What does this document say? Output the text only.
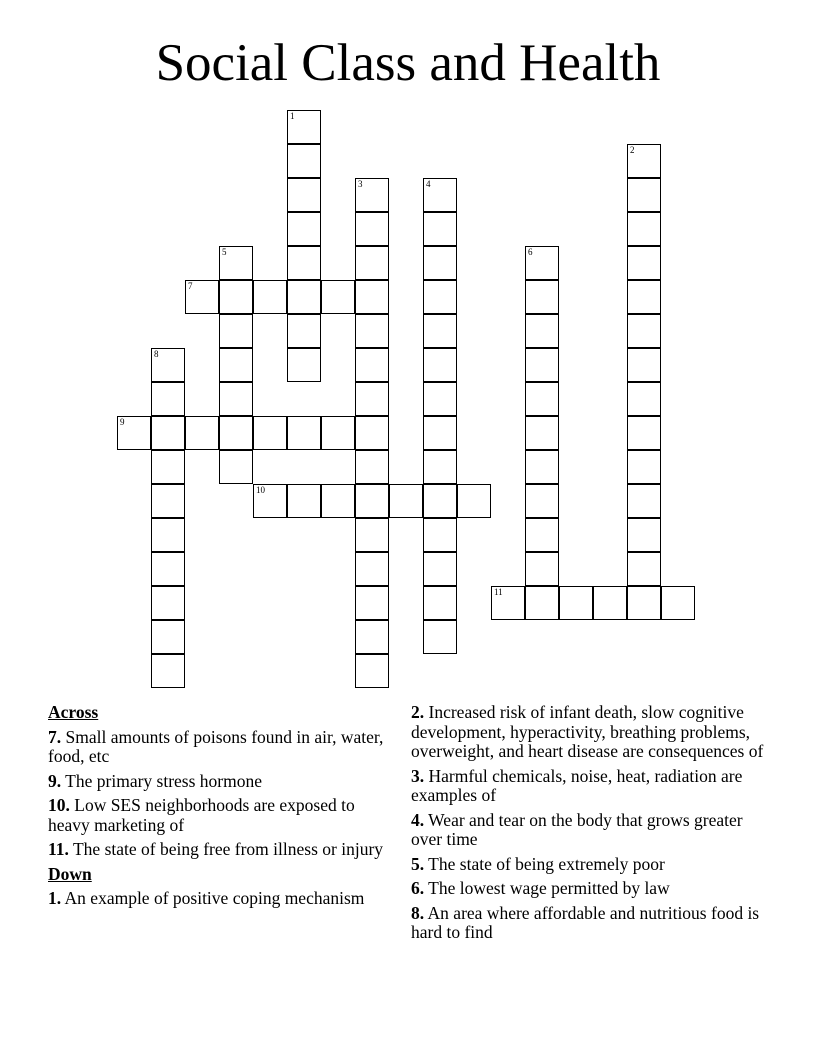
Social Class and Health
1
2
3	4
5	6
7
8
9
10
11
Across
7. Small amounts of poisons found in air, water, food, etc
9. The primary stress hormone
10. Low SES neighborhoods are exposed to heavy marketing of
11. The state of being free from illness or injury
Down
1. An example of positive coping mechanism
2. Increased risk of infant death, slow cognitive development, hyperactivity, breathing problems, overweight, and heart disease are consequences of
3. Harmful chemicals, noise, heat, radiation are examples of
4. Wear and tear on the body that grows greater over time
5. The state of being extremely poor
6. The lowest wage permitted by law
8. An area where affordable and nutritious food is hard to find
